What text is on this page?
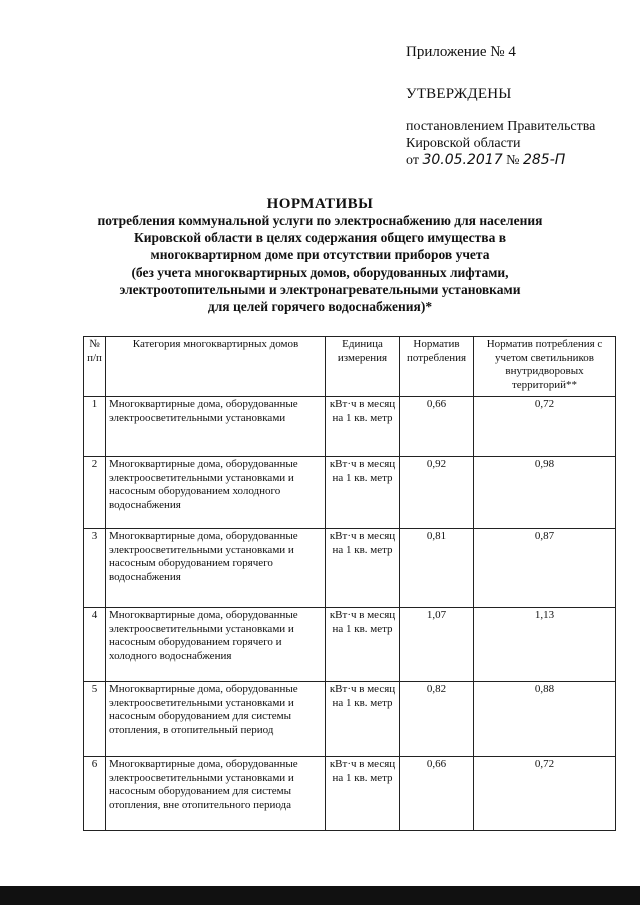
Приложение № 4
УТВЕРЖДЕНЫ
постановлением Правительства
Кировской области
от 30.05.2017 № 285-П
НОРМАТИВЫ
потребления коммунальной услуги по электроснабжению для населения
Кировской области в целях содержания общего имущества в
многоквартирном доме при отсутствии приборов учета
(без учета многоквартирных домов, оборудованных лифтами,
электроотопительными и электронагревательными установками
для целей горячего водоснабжения)*
№ п/п	Категория многоквартирных домов	Единица измерения	Норматив потребления	Норматив потребления с учетом светильников внутридворовых территорий**
1	Многоквартирные дома, оборудованные электроосветительными установками	кВт·ч в месяц на 1 кв. метр	0,66	0,72
2	Многоквартирные дома, оборудованные электроосветительными установками и насосным оборудованием холодного водоснабжения	кВт·ч в месяц на 1 кв. метр	0,92	0,98
3	Многоквартирные дома, оборудованные электроосветительными установками и насосным оборудованием горячего водоснабжения	кВт·ч в месяц на 1 кв. метр	0,81	0,87
4	Многоквартирные дома, оборудованные электроосветительными установками и насосным оборудованием горячего и холодного водоснабжения	кВт·ч в месяц на 1 кв. метр	1,07	1,13
5	Многоквартирные дома, оборудованные электроосветительными установками и насосным оборудованием для системы отопления, в отопительный период	кВт·ч в месяц на 1 кв. метр	0,82	0,88
6	Многоквартирные дома, оборудованные электроосветительными установками и насосным оборудованием для системы отопления, вне отопительного периода	кВт·ч в месяц на 1 кв. метр	0,66	0,72
